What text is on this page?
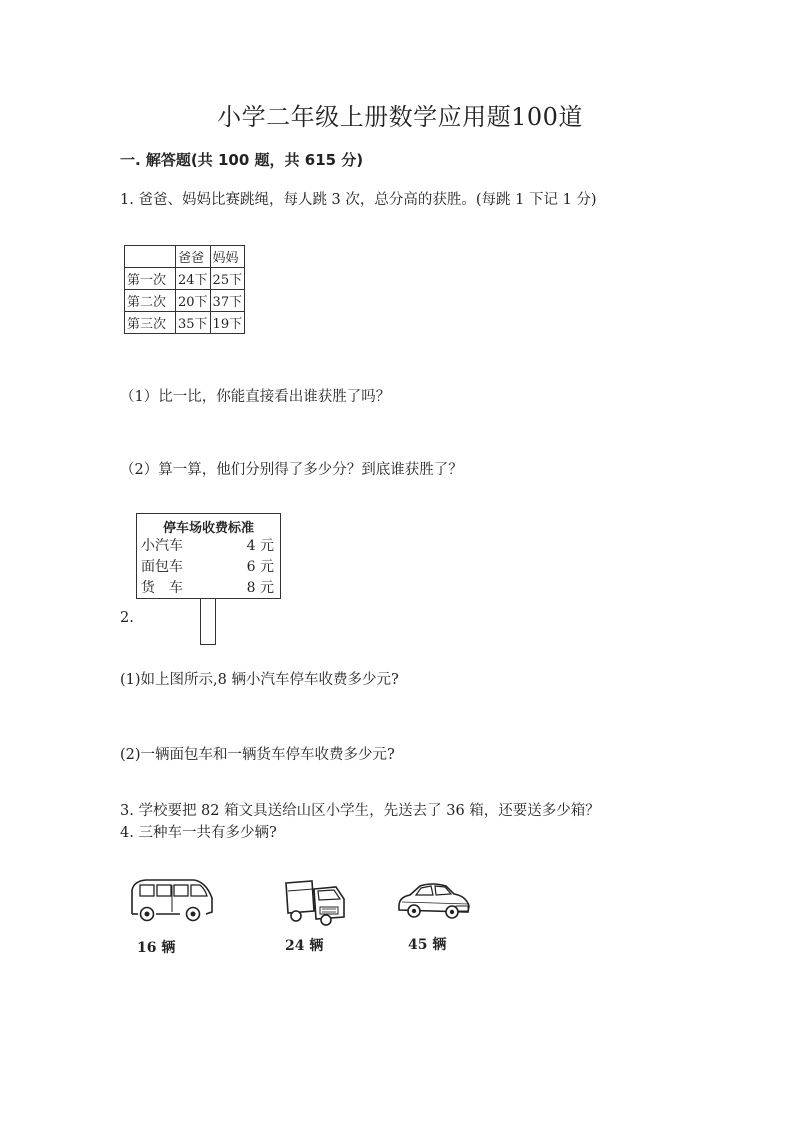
小学二年级上册数学应用题100道
一. 解答题(共 100 题，共 615 分)
1. 爸爸、妈妈比赛跳绳，每人跳 3 次，总分高的获胜。(每跳 1 下记 1 分)
	爸爸	妈妈
第一次	24下	25下
第二次	20下	37下
第三次	35下	19下
（1）比一比，你能直接看出谁获胜了吗？
（2）算一算，他们分别得了多少分？到底谁获胜了？
停车场收费标准
小汽车	4 元
面包车	6 元
货　车	8 元
2.
(1)如上图所示,8 辆小汽车停车收费多少元?
(2)一辆面包车和一辆货车停车收费多少元?
3. 学校要把 82 箱文具送给山区小学生，先送去了 36 箱，还要送多少箱？
4. 三种车一共有多少辆?
16 辆	24 辆	45 辆
